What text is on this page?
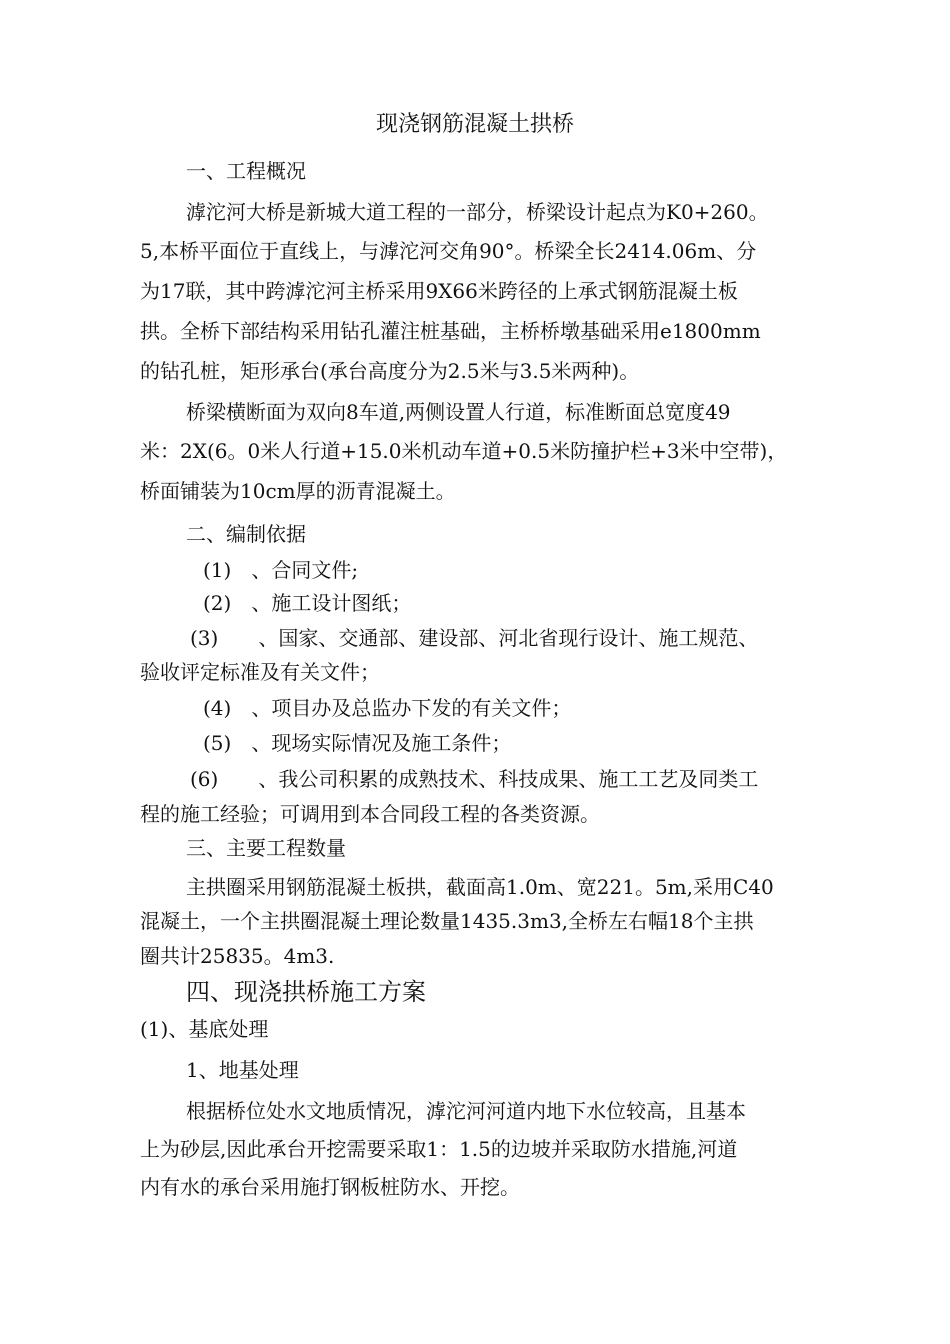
现浇钢筋混凝土拱桥
一、工程概况
滹沱河大桥是新城大道工程的一部分，桥梁设计起点为K0+260。
5,本桥平面位于直线上，与滹沱河交角90°。桥梁全长2414.06m、分
为17联，其中跨滹沱河主桥采用9X66米跨径的上承式钢筋混凝土板
拱。全桥下部结构采用钻孔灌注桩基础，主桥桥墩基础采用e1800mm
的钻孔桩，矩形承台(承台高度分为2.5米与3.5米两种)。
桥梁横断面为双向8车道,两侧设置人行道，标准断面总宽度49
米：2X(6。0米人行道+15.0米机动车道+0.5米防撞护栏+3米中空带)，
桥面铺装为10cm厚的沥青混凝土。
二、编制依据
(1)　、合同文件;
(2)　、施工设计图纸；
(3)　　、国家、交通部、建设部、河北省现行设计、施工规范、
验收评定标准及有关文件；
(4)　、项目办及总监办下发的有关文件；
(5)　、现场实际情况及施工条件；
(6)　　、我公司积累的成熟技术、科技成果、施工工艺及同类工
程的施工经验；可调用到本合同段工程的各类资源。
三、主要工程数量
主拱圈采用钢筋混凝土板拱，截面高1.0m、宽221。5m,采用C40
混凝土，一个主拱圈混凝土理论数量1435.3m3,全桥左右幅18个主拱
圈共计25835。4m3.
四、现浇拱桥施工方案
(1)、基底处理
1、地基处理
根据桥位处水文地质情况，滹沱河河道内地下水位较高，且基本
上为砂层,因此承台开挖需要采取1：1.5的边坡并采取防水措施,河道
内有水的承台采用施打钢板桩防水、开挖。
